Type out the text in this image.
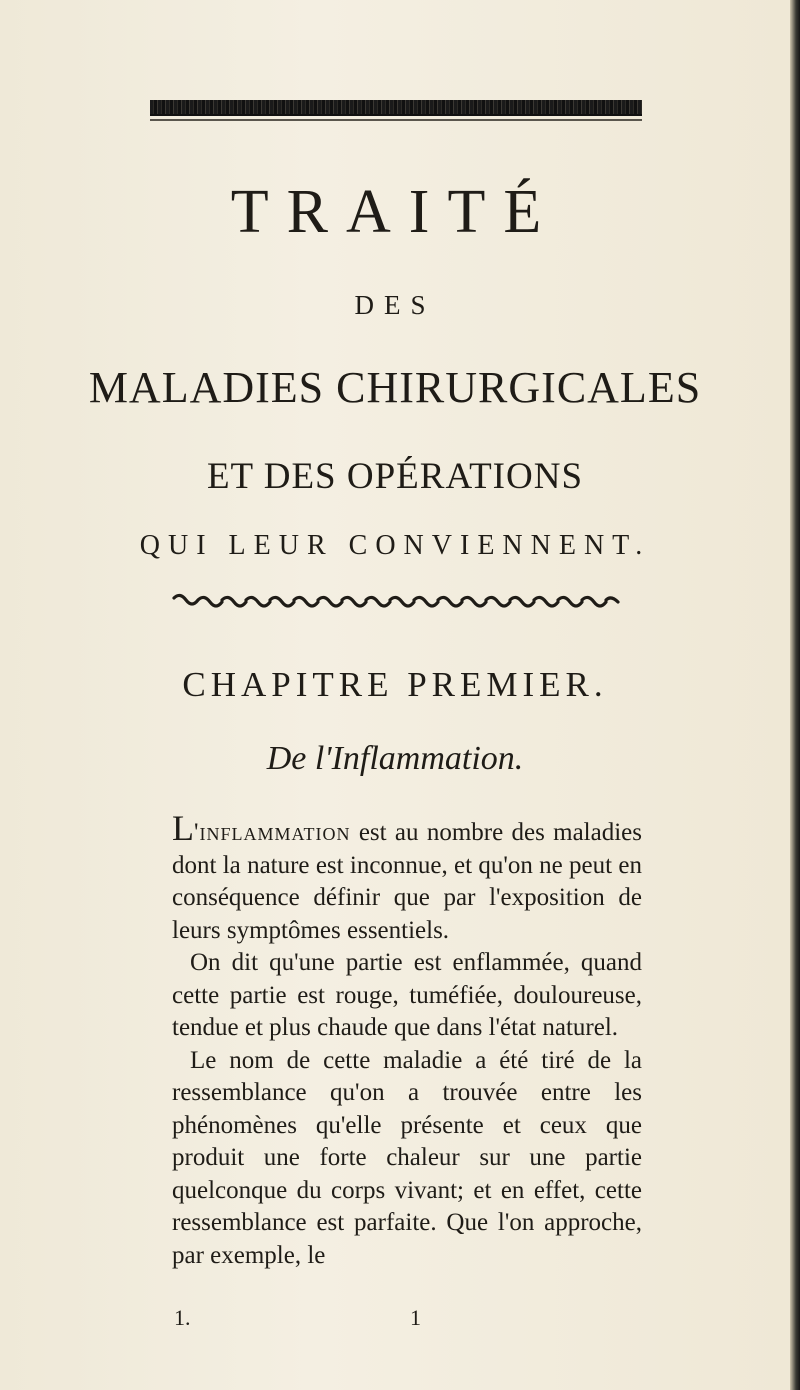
TRAITÉ
DES
MALADIES CHIRURGICALES
ET DES OPÉRATIONS
QUI LEUR CONVIENNENT.
CHAPITRE PREMIER.
De l'Inflammation.

L'inflammation est au nombre des maladies dont la nature est inconnue, et qu'on ne peut en conséquence définir que par l'exposition de leurs symptômes essentiels.

On dit qu'une partie est enflammée, quand cette partie est rouge, tuméfiée, douloureuse, tendue et plus chaude que dans l'état naturel.

Le nom de cette maladie a été tiré de la ressemblance qu'on a trouvée entre les phénomènes qu'elle présente et ceux que produit une forte chaleur sur une partie quelconque du corps vivant; et en effet, cette ressemblance est parfaite. Que l'on approche, par exemple, le

1.	1
